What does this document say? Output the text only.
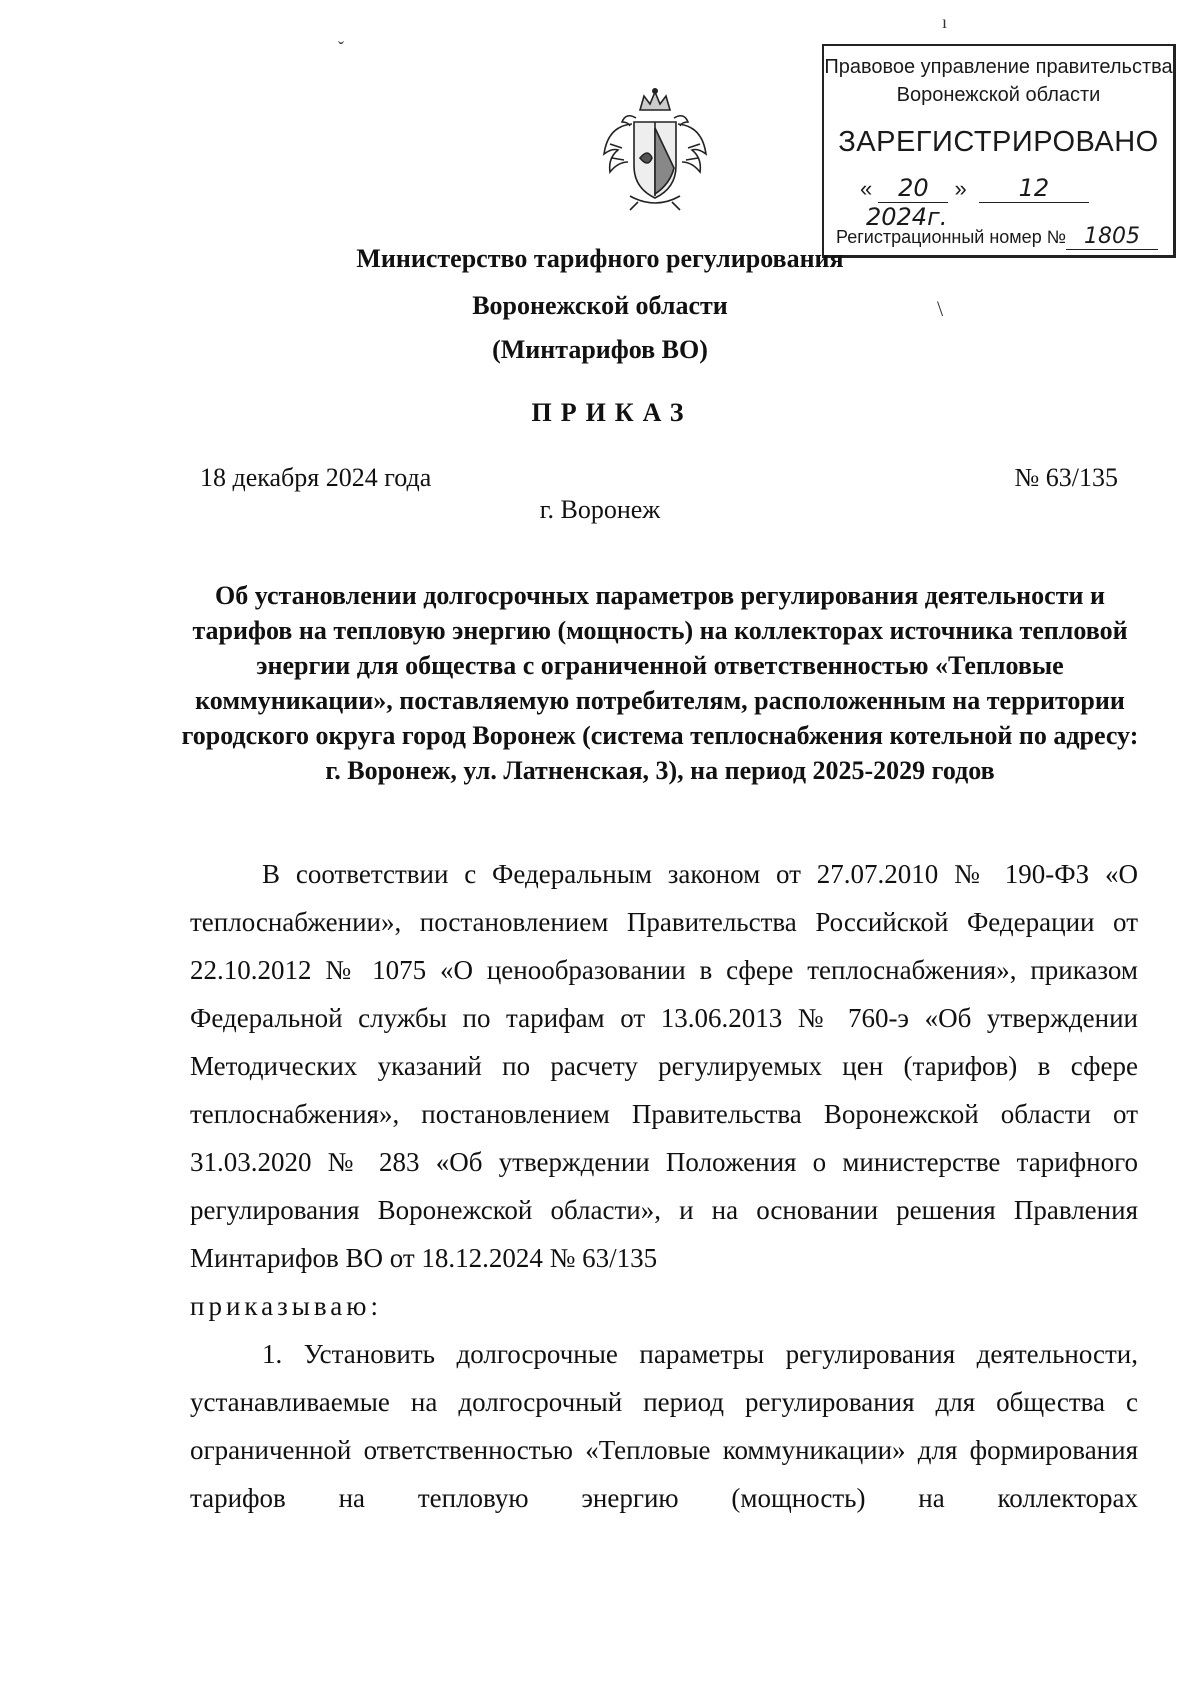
Правовое управление правительства
Воронежской области
ЗАРЕГИСТРИРОВАНО
« 20 » 12 2024г.
Регистрационный номер № 1805
Министерство тарифного регулирования
Воронежской области
(Минтарифов ВО)
ПРИКАЗ
18 декабря 2024 года	№ 63/135
г. Воронеж
Об установлении долгосрочных параметров регулирования деятельности и тарифов на тепловую энергию (мощность) на коллекторах источника тепловой энергии для общества с ограниченной ответственностью «Тепловые коммуникации», поставляемую потребителям, расположенным на территории городского округа город Воронеж (система теплоснабжения котельной по адресу: г. Воронеж, ул. Латненская, 3), на период 2025-2029 годов

В соответствии с Федеральным законом от 27.07.2010 № 190-ФЗ «О теплоснабжении», постановлением Правительства Российской Федерации от 22.10.2012 № 1075 «О ценообразовании в сфере теплоснабжения», приказом Федеральной службы по тарифам от 13.06.2013 № 760-э «Об утверждении Методических указаний по расчету регулируемых цен (тарифов) в сфере теплоснабжения», постановлением Правительства Воронежской области от 31.03.2020 № 283 «Об утверждении Положения о министерстве тарифного регулирования Воронежской области», и на основании решения Правления Минтарифов ВО от 18.12.2024 № 63/135

приказываю:

1. Установить долгосрочные параметры регулирования деятельности, устанавливаемые на долгосрочный период регулирования для общества с ограниченной ответственностью «Тепловые коммуникации» для формирования тарифов на тепловую энергию (мощность) на коллекторах

ˇ
ı
\
